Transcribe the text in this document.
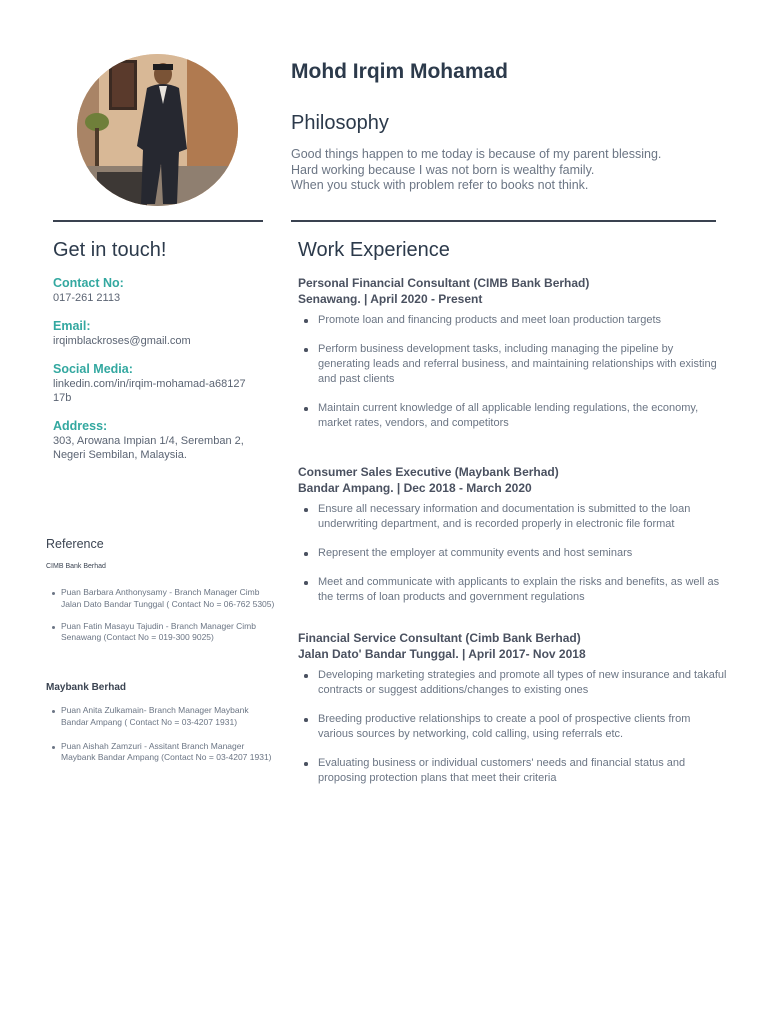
Mohd Irqim Mohamad
Philosophy
Good things happen to me today is because of my parent blessing.
Hard working because I was not born is wealthy family.
When you stuck with problem refer to books not think.
Get in touch!
Contact No:
017-261 2113
Email:
irqimblackroses@gmail.com
Social Media:
linkedin.com/in/irqim-mohamad-a6812717b
Address:
303, Arowana Impian 1/4, Seremban 2, Negeri Sembilan, Malaysia.
Reference
CIMB Bank Berhad
Puan Barbara Anthonysamy - Branch Manager Cimb Jalan Dato Bandar Tunggal ( Contact No = 06-762 5305)
Puan Fatin Masayu Tajudin - Branch Manager Cimb Senawang (Contact No = 019-300 9025)
Maybank Berhad
Puan Anita Zulkamain- Branch Manager Maybank Bandar Ampang ( Contact No = 03-4207 1931)
Puan Aishah Zamzuri - Assitant Branch Manager Maybank Bandar Ampang (Contact No = 03-4207 1931)
Work Experience
Personal Financial Consultant (CIMB Bank Berhad)
Senawang. | April 2020 - Present
Promote loan and financing products and meet loan production targets
Perform business development tasks, including managing the pipeline by generating leads and referral business, and maintaining relationships with existing and past clients
Maintain current knowledge of all applicable lending regulations, the economy, market rates, vendors, and competitors
Consumer Sales Executive (Maybank Berhad)
Bandar Ampang. | Dec 2018 - March 2020
Ensure all necessary information and documentation is submitted to the loan underwriting department, and is recorded properly in electronic file format
Represent the employer at community events and host seminars
Meet and communicate with applicants to explain the risks and benefits, as well as the terms of loan products and government regulations
Financial Service Consultant (Cimb Bank Berhad)
Jalan Dato' Bandar Tunggal. | April 2017- Nov 2018
Developing marketing strategies and promote all types of new insurance and takaful contracts or suggest additions/changes to existing ones
Breeding productive relationships to create a pool of prospective clients from various sources by networking, cold calling, using referrals etc.
Evaluating business or individual customers' needs and financial status and proposing protection plans that meet their criteria
